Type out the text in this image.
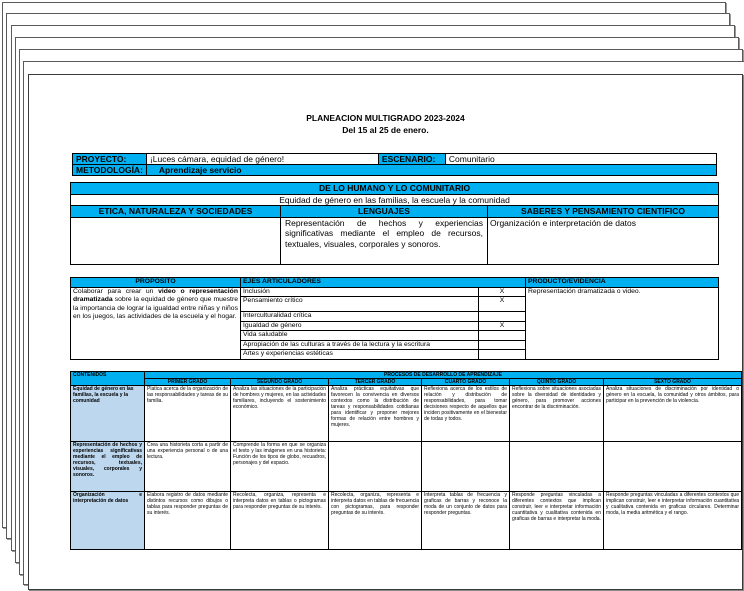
PLANEACION MULTIGRADO 2023-2024
Del 15 al 25 de enero.
PROYECTO:	¡Luces cámara, equidad de género!	ESCENARIO:	Comunitario
METODOLOGÍA:	Aprendizaje servicio		
DE LO HUMANO Y LO COMUNITARIO		
Equidad de género en las familias, la escuela y la comunidad		
ETICA, NATURALEZA Y SOCIEDADES	LENGUAJES	SABERES Y PENSAMIENTO CIENTIFICO
	Representación de hechos y experiencias significativas mediante el empleo de recursos, textuales, visuales, corporales y sonoros.	Organización e interpretación de datos
PROPÓSITO	EJES ARTICULADORES		PRODUCTO/EVIDENCIA
Colaborar para crear un video o representación dramatizada sobre la equidad de género que muestre la importancia de lograr la igualdad entre niñas y niños en los juegos, las actividades de la escuela y el hogar.	Inclusión	X	Representación dramatizada o video.
	Pensamiento crítico	X	
	Interculturalidad crítica		
	Igualdad de género	X	
	Vida saludable		
	Apropiación de las culturas a través de la lectura y la escritura		
	Artes y experiencias estéticas		
CONTENIDOS	PROCESOS DE DESARROLLO DE APRENDIZAJE					
	PRIMER GRADO	SEGUNDO GRADO	TERCER GRADO	CUARTO GRADO	QUINTO GRADO	SEXTO GRADO
Equidad de género en las familias, la escuela y la comunidad	Platica acerca de la organización de las responsabilidades y tareas de su familia.	Analiza las situaciones de la participación de hombres y mujeres, en las actividades familiares, incluyendo el sostenimiento económico.	Analiza prácticas equitativas que favorecen la convivencia en diversos contextos como la distribución de tareas y responsabilidades cotidianas para identificar y proponer mejores formas de relación entre hombres y mujeres.	Reflexiona acerca de los estilos de relación y distribución de responsabilidades, para tomar decisiones respecto de aquellos que inciden positivamente en el bienestar de todas y todos.	Reflexiona sobre situaciones asociadas sobre la diversidad de identidades y género, para promover acciones encontrar de la discriminación.	Analiza situaciones de discriminación por identidad o género en la escuela, la comunidad y otros ámbitos, para participar en la prevención de la violencia.
Representación de hechos y experiencias significativas mediante el empleo de recursos, textuales, visuales, corporales y sonoros.	Crea una historieta corta a partir de una experiencia personal o de una lectura.	Comprende la forma en que se organiza el texto y las imágenes en una historieta: Función de los tipos de globo, recuadros, personajes y del espacio.				
Organización e interpretación de datos	Elabora registro de datos mediante distintos recursos como dibujos o tablas para responder preguntas de su interés.	Recolecta, organiza, representa e interpreta datos en tablas o pictogramas para responder preguntas de su interés.	Recolecta, organiza, representa e interpreta datos en tablas de frecuencia con pictogramas, para responder preguntas de su interés.	Interpreta tablas de frecuencia y graficas de barras y reconoce la moda de un conjunto de datos para responder preguntas.	Responde preguntas vinculadas a diferentes contextos que implican construir, leer e interpretar información cuantitativa y cualitativa contenida en graficas de barras e interpretar la moda.	Responde preguntas vinculadas a diferentes contextos que implican construir, leer e interpretar información cuantitativa y cualitativa contenida en graficas circulares. Determinar moda, la media aritmética y el rango.
